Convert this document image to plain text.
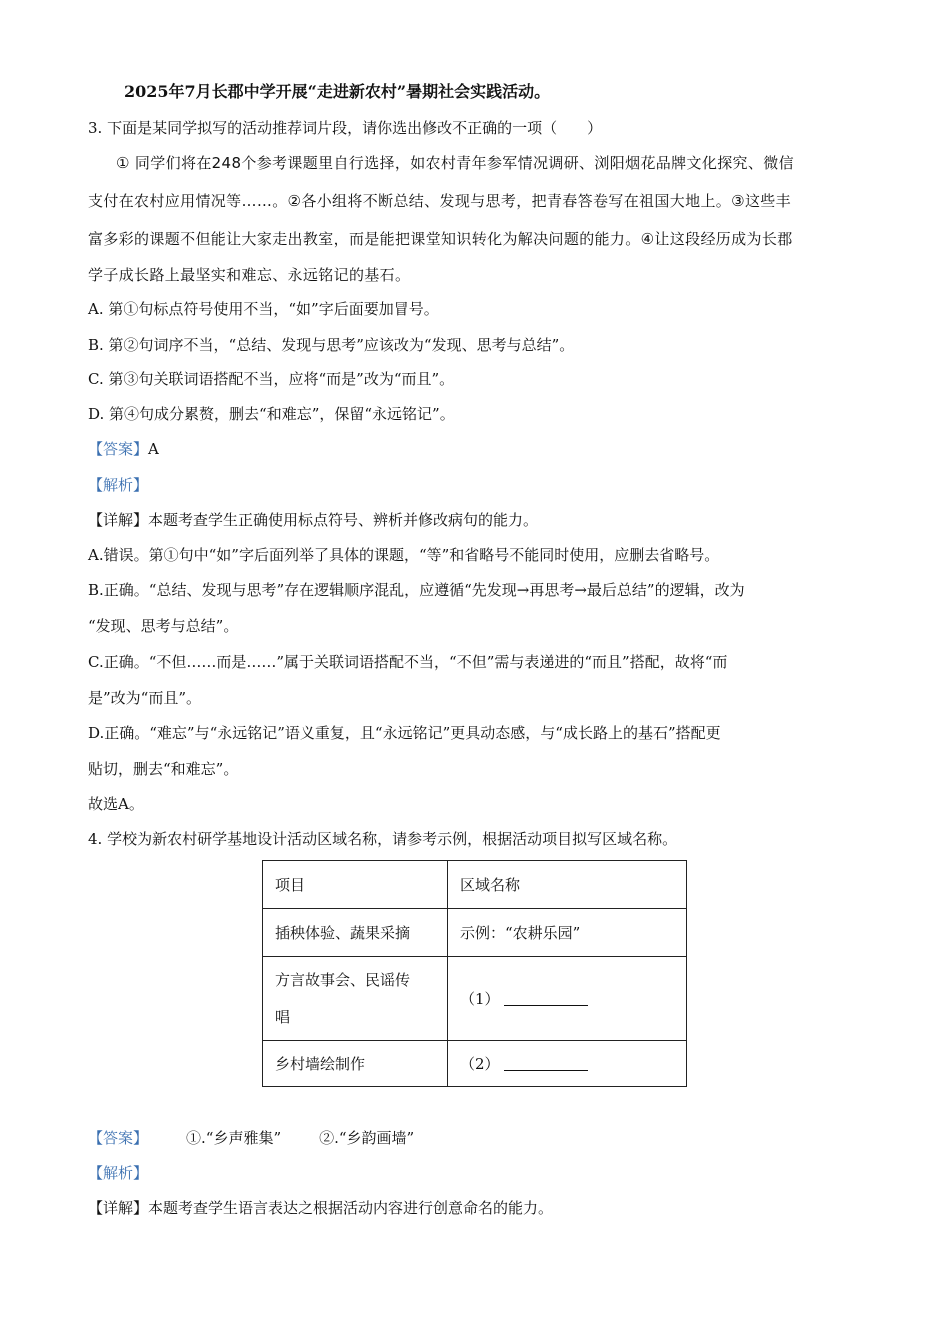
2025年7月长郡中学开展“走进新农村”暑期社会实践活动。
3. 下面是某同学拟写的活动推荐词片段，请你选出修改不正确的一项（　　）
① 同学们将在248个参考课题里自行选择，如农村青年参军情况调研、浏阳烟花品牌文化探究、微信
支付在农村应用情况等……。②各小组将不断总结、发现与思考，把青春答卷写在祖国大地上。③这些丰
富多彩的课题不但能让大家走出教室，而是能把课堂知识转化为解决问题的能力。④让这段经历成为长郡
学子成长路上最坚实和难忘、永远铭记的基石。
A. 第①句标点符号使用不当，“如”字后面要加冒号。
B. 第②句词序不当，“总结、发现与思考”应该改为“发现、思考与总结”。
C. 第③句关联词语搭配不当，应将“而是”改为“而且”。
D. 第④句成分累赘，删去“和难忘”，保留“永远铭记”。
【答案】A
【解析】
【详解】本题考查学生正确使用标点符号、辨析并修改病句的能力。
A.错误。第①句中“如”字后面列举了具体的课题，“等”和省略号不能同时使用，应删去省略号。
B.正确。“总结、发现与思考”存在逻辑顺序混乱，应遵循“先发现→再思考→最后总结”的逻辑，改为
“发现、思考与总结”。
C.正确。“不但……而是……”属于关联词语搭配不当，“不但”需与表递进的“而且”搭配，故将“而
是”改为“而且”。
D.正确。“难忘”与“永远铭记”语义重复，且“永远铭记”更具动态感，与“成长路上的基石”搭配更
贴切，删去“和难忘”。
故选A。
4. 学校为新农村研学基地设计活动区域名称，请参考示例，根据活动项目拟写区域名称。
项目	区域名称
插秧体验、蔬果采摘	示例：“农耕乐园”

方言故事会、民谣传
唱	（1）
乡村墙绘制作	（2）
【答案】	①.“乡声雅集”	②.“乡韵画墙”
【解析】
【详解】本题考查学生语言表达之根据活动内容进行创意命名的能力。
